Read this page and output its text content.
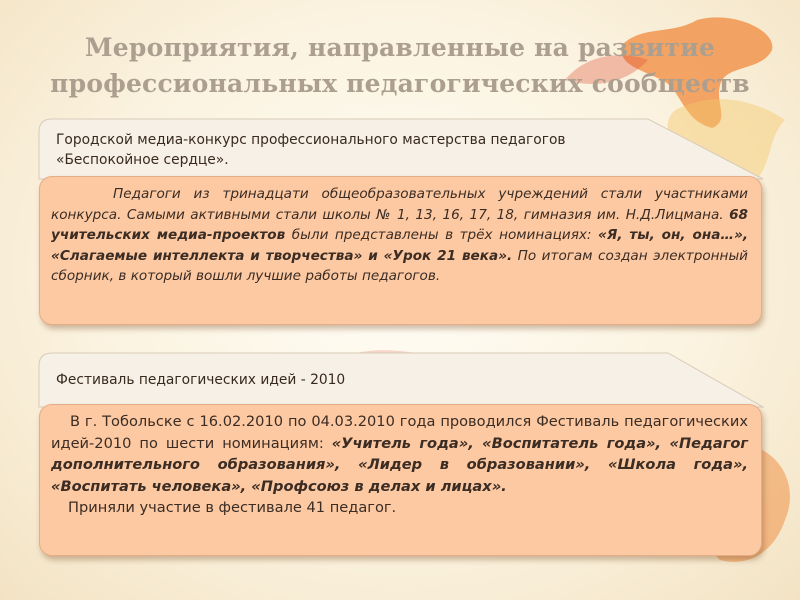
Мероприятия, направленные на развитие
профессиональных педагогических сообществ
Городской медиа-конкурс профессионального мастерства педагогов
«Беспокойное сердце».

Педагоги из тринадцати общеобразовательных учреждений стали участниками конкурса. Самыми активными стали школы № 1, 13, 16, 17, 18, гимназия им. Н.Д.Лицмана. 68 учительских медиа-проектов были представлены в трёх номинациях: «Я, ты, он, она…», «Слагаемые интеллекта и творчества» и «Урок 21 века». По итогам создан электронный сборник, в который вошли лучшие работы педагогов.

Фестиваль педагогических идей - 2010

В г. Тобольске с 16.02.2010 по 04.03.2010 года проводился Фестиваль педагогических идей-2010 по шести номинациям: «Учитель года», «Воспитатель года», «Педагог дополнительного образования», «Лидер в образовании», «Школа года», «Воспитать человека», «Профсоюз в делах и лицах».

Приняли участие в фестивале 41 педагог.
